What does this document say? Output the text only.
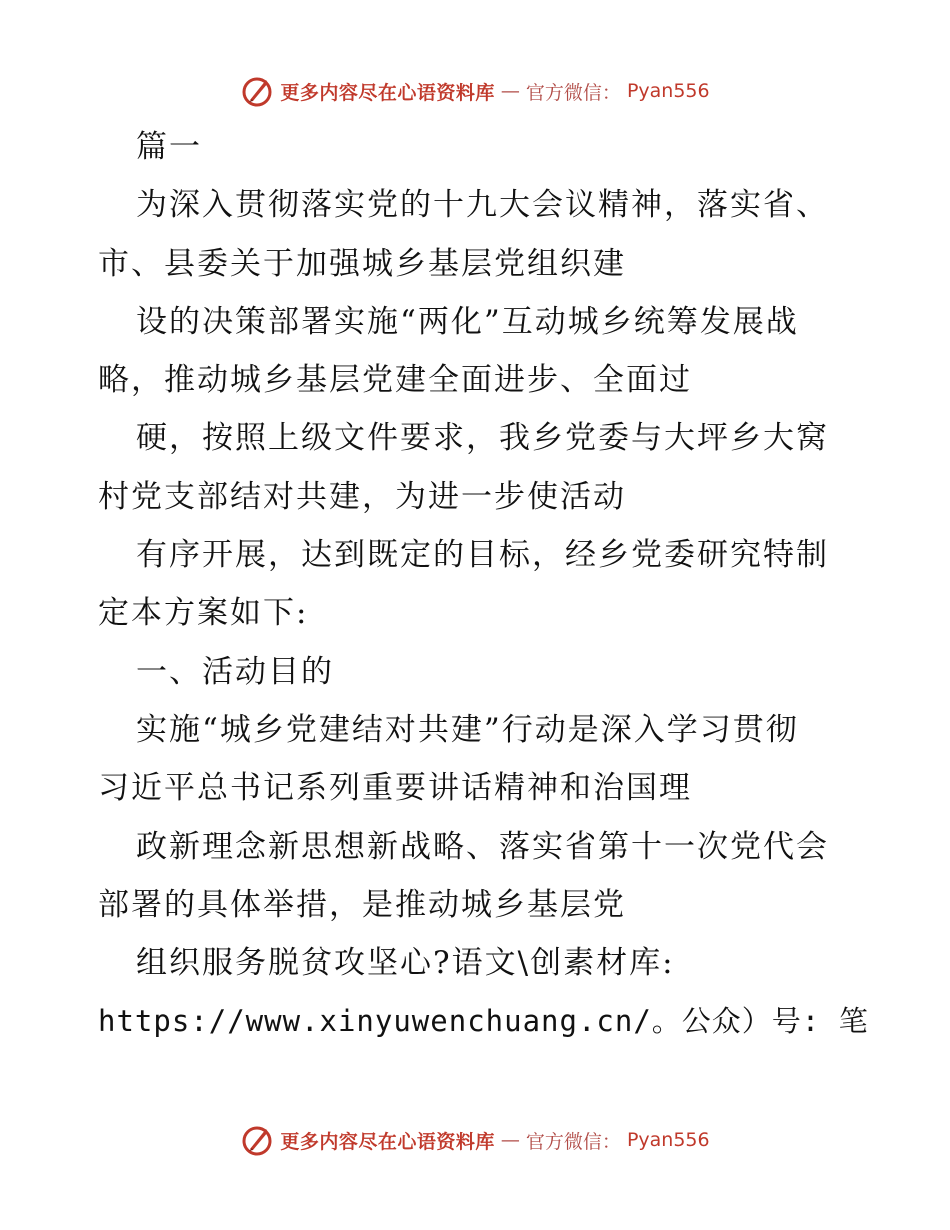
更多内容尽在心语资料库 — 官方微信： Pyan556
篇一
为深入贯彻落实党的十九大会议精神，落实省、
市、县委关于加强城乡基层党组织建
设的决策部署实施“两化”互动城乡统筹发展战
略，推动城乡基层党建全面进步、全面过
硬，按照上级文件要求，我乡党委与大坪乡大窝
村党支部结对共建，为进一步使活动
有序开展，达到既定的目标，经乡党委研究特制
定本方案如下:
一、活动目的
实施“城乡党建结对共建”行动是深入学习贯彻
习近平总书记系列重要讲话精神和治国理
政新理念新思想新战略、落实省第十一次党代会
部署的具体举措，是推动城乡基层党
组织服务脱贫攻坚心?语文\创素材库:
https://www.xinyuwenchuang.cn/。公众）号: 笔
更多内容尽在心语资料库 — 官方微信： Pyan556
